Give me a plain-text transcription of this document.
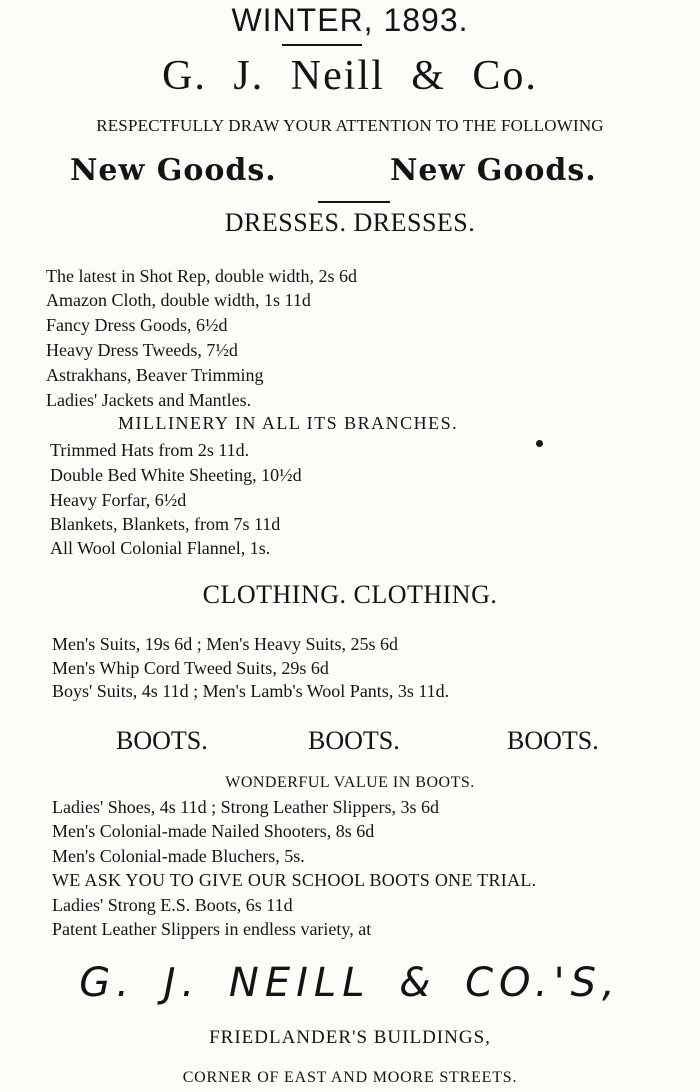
WINTER, 1893.
G. J. Neill & Co.
RESPECTFULLY DRAW YOUR ATTENTION TO THE FOLLOWING
New Goods.	New Goods.
DRESSES. DRESSES.
The latest in Shot Rep, double width, 2s 6d
Amazon Cloth, double width, 1s 11d
Fancy Dress Goods, 6½d
Heavy Dress Tweeds, 7½d
Astrakhans, Beaver Trimming
Ladies' Jackets and Mantles.
MILLINERY IN ALL ITS BRANCHES.
Trimmed Hats from 2s 11d.
Double Bed White Sheeting, 10½d
Heavy Forfar, 6½d
Blankets, Blankets, from 7s 11d
All Wool Colonial Flannel, 1s.
CLOTHING. CLOTHING.
Men's Suits, 19s 6d ; Men's Heavy Suits, 25s 6d
Men's Whip Cord Tweed Suits, 29s 6d
Boys' Suits, 4s 11d ; Men's Lamb's Wool Pants, 3s 11d.
BOOTS.	BOOTS.	BOOTS.
WONDERFUL VALUE IN BOOTS.
Ladies' Shoes, 4s 11d ; Strong Leather Slippers, 3s 6d
Men's Colonial-made Nailed Shooters, 8s 6d
Men's Colonial-made Bluchers, 5s.
WE ASK YOU TO GIVE OUR SCHOOL BOOTS ONE TRIAL.
Ladies' Strong E.S. Boots, 6s 11d
Patent Leather Slippers in endless variety, at
G. J. NEILL & CO.'S,
FRIEDLANDER'S BUILDINGS,
CORNER OF EAST AND MOORE STREETS.
